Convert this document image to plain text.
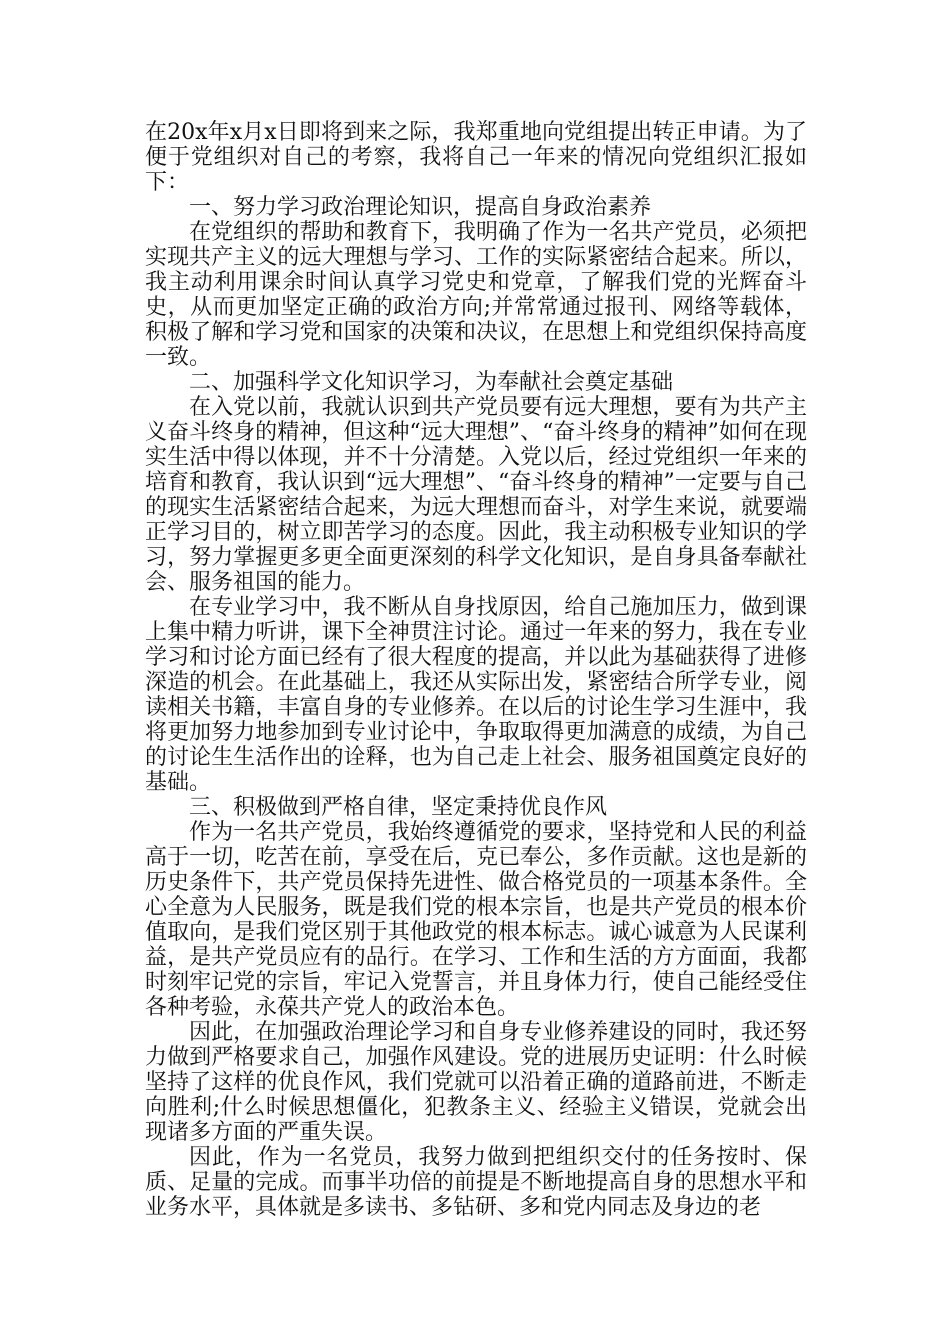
在20x年x月x日即将到来之际，我郑重地向党组提出转正申请。为了便于党组织对自己的考察，我将自己一年来的情况向党组织汇报如下：

一、努力学习政治理论知识，提高自身政治素养

在党组织的帮助和教育下，我明确了作为一名共产党员，必须把实现共产主义的远大理想与学习、工作的实际紧密结合起来。所以，我主动利用课余时间认真学习党史和党章，了解我们党的光辉奋斗史，从而更加坚定正确的政治方向;并常常通过报刊、网络等载体，积极了解和学习党和国家的决策和决议，在思想上和党组织保持高度一致。

二、加强科学文化知识学习，为奉献社会奠定基础

在入党以前，我就认识到共产党员要有远大理想，要有为共产主义奋斗终身的精神，但这种“远大理想”、“奋斗终身的精神”如何在现实生活中得以体现，并不十分清楚。入党以后，经过党组织一年来的培育和教育，我认识到“远大理想”、“奋斗终身的精神”一定要与自己的现实生活紧密结合起来，为远大理想而奋斗，对学生来说，就要端正学习目的，树立即苦学习的态度。因此，我主动积极专业知识的学习，努力掌握更多更全面更深刻的科学文化知识，是自身具备奉献社会、服务祖国的能力。

在专业学习中，我不断从自身找原因，给自己施加压力，做到课上集中精力听讲，课下全神贯注讨论。通过一年来的努力，我在专业学习和讨论方面已经有了很大程度的提高，并以此为基础获得了进修深造的机会。在此基础上，我还从实际出发，紧密结合所学专业，阅读相关书籍，丰富自身的专业修养。在以后的讨论生学习生涯中，我将更加努力地参加到专业讨论中，争取取得更加满意的成绩，为自己的讨论生生活作出的诠释，也为自己走上社会、服务祖国奠定良好的基础。

三、积极做到严格自律，坚定秉持优良作风

作为一名共产党员，我始终遵循党的要求，坚持党和人民的利益高于一切，吃苦在前，享受在后，克已奉公，多作贡献。这也是新的历史条件下，共产党员保持先进性、做合格党员的一项基本条件。全心全意为人民服务，既是我们党的根本宗旨，也是共产党员的根本价值取向，是我们党区别于其他政党的根本标志。诚心诚意为人民谋利益，是共产党员应有的品行。在学习、工作和生活的方方面面，我都时刻牢记党的宗旨，牢记入党誓言，并且身体力行，使自己能经受住各种考验，永葆共产党人的政治本色。

因此，在加强政治理论学习和自身专业修养建设的同时，我还努力做到严格要求自己，加强作风建设。党的进展历史证明：什么时候坚持了这样的优良作风，我们党就可以沿着正确的道路前进，不断走向胜利;什么时候思想僵化，犯教条主义、经验主义错误，党就会出现诸多方面的严重失误。

因此，作为一名党员，我努力做到把组织交付的任务按时、保质、足量的完成。而事半功倍的前提是不断地提高自身的思想水平和业务水平，具体就是多读书、多钻研、多和党内同志及身边的老
